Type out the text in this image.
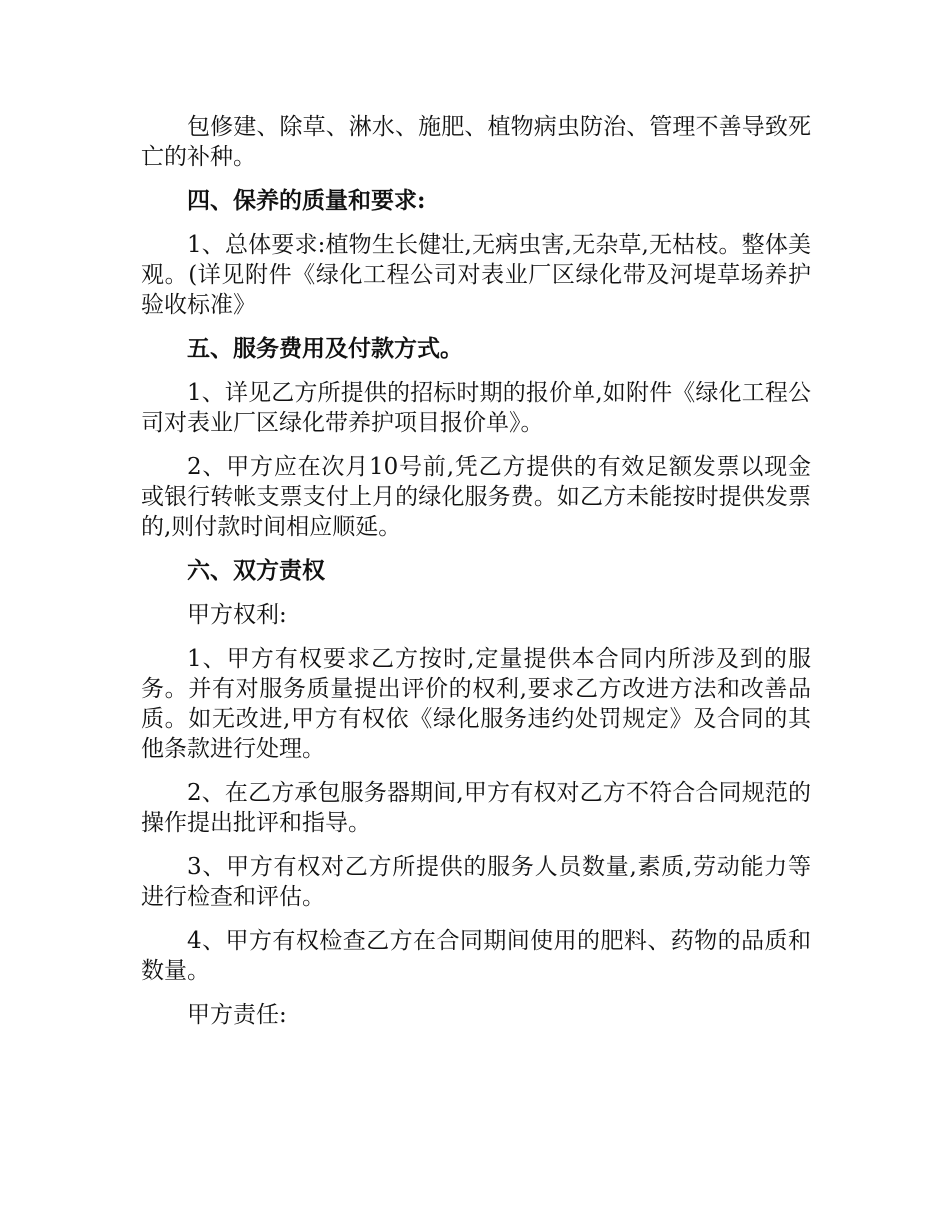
包修建、除草、淋水、施肥、植物病虫防治、管理不善导致死亡的补种。

四、保养的质量和要求:

1、总体要求:植物生长健壮,无病虫害,无杂草,无枯枝。整体美观。(详见附件《绿化工程公司对表业厂区绿化带及河堤草场养护验收标准》

五、服务费用及付款方式。

1、详见乙方所提供的招标时期的报价单,如附件《绿化工程公司对表业厂区绿化带养护项目报价单》。

2、甲方应在次月10号前,凭乙方提供的有效足额发票以现金或银行转帐支票支付上月的绿化服务费。如乙方未能按时提供发票的,则付款时间相应顺延。

六、双方责权

甲方权利:

1、甲方有权要求乙方按时,定量提供本合同内所涉及到的服务。并有对服务质量提出评价的权利,要求乙方改进方法和改善品质。如无改进,甲方有权依《绿化服务违约处罚规定》及合同的其他条款进行处理。

2、在乙方承包服务器期间,甲方有权对乙方不符合合同规范的操作提出批评和指导。

3、甲方有权对乙方所提供的服务人员数量,素质,劳动能力等进行检查和评估。

4、甲方有权检查乙方在合同期间使用的肥料、药物的品质和数量。

甲方责任:
